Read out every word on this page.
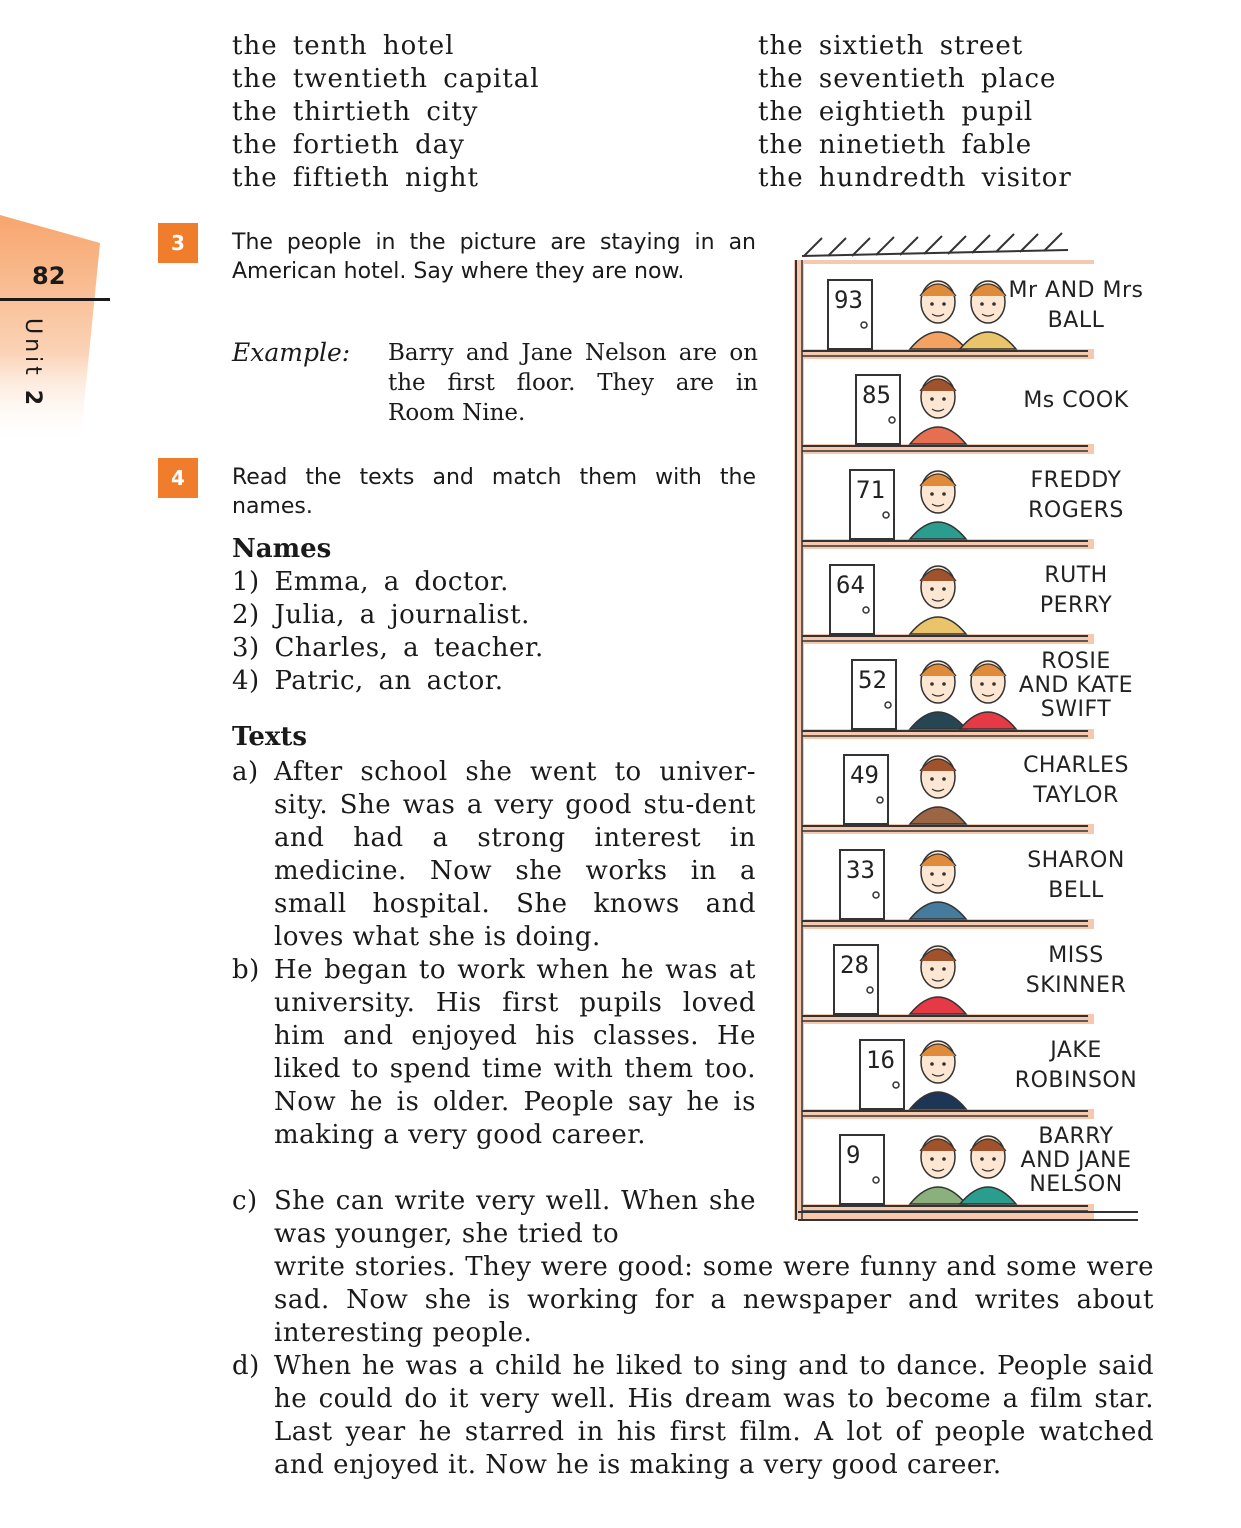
the tenth hotel
the twentieth capital
the thirtieth city
the fortieth day
the fiftieth night
the sixtieth street
the seventieth place
the eightieth pupil
the ninetieth fable
the hundredth visitor
82
Unit 2
3	The people in the picture are staying in an American hotel. Say where they are now.
Example: Barry and Jane Nelson are on the first floor. They are in Room Nine.
4	Read the texts and match them with the names.
Names
1) Emma, a doctor.
2) Julia, a journalist.
3) Charles, a teacher.
4) Patric, an actor.
Texts
a) After school she went to univer-sity. She was a very good stu-dent and had a strong interest in medicine. Now she works in a small hospital. She knows and loves what she is doing.
b) He began to work when he was at university. His first pupils loved him and enjoyed his classes. He liked to spend time with them too. Now he is older. People say he is making a very good career.
c) She can write very well. When she was younger, she tried to
write stories. They were good: some were funny and some were sad. Now she is working for a newspaper and writes about interesting people.
d) When he was a child he liked to sing and to dance. People said he could do it very well. His dream was to become a film star. Last year he starred in his first film. A lot of people watched and enjoyed it. Now he is making a very good career.
93
85
71
64
52
49
33
28
16
9
Mr AND Mrs
BALL
Ms COOK
FREDDY
ROGERS
RUTH
PERRY
ROSIE
AND KATE
SWIFT
CHARLES
TAYLOR
SHARON
BELL
MISS
SKINNER
JAKE
ROBINSON
BARRY
AND JANE
NELSON
